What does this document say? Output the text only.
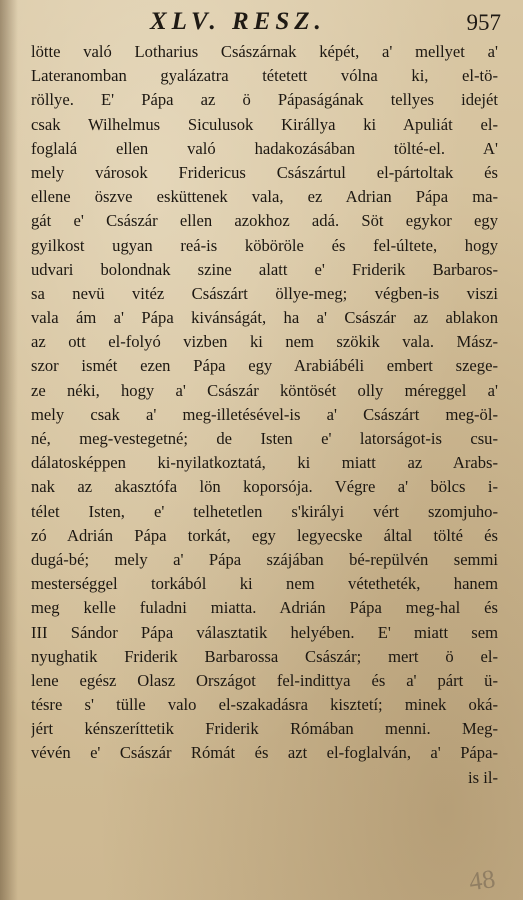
XLV. RESZ.	957
lötte való Lotharius Császárnak képét, a' mellyet a'
Lateranomban gyalázatra tétetett vólna ki, el-tö-
röllye. E' Pápa az ö Pápaságának tellyes idejét
csak Wilhelmus Siculusok Királlya ki Apuliát el-
foglalá ellen való hadakozásában tölté-el. A'
mely városok Fridericus Császártul el-pártoltak és
ellene öszve esküttenek vala, ez Adrian Pápa ma-
gát e' Császár ellen azokhoz adá. Söt egykor egy
gyilkost ugyan reá-is köböröle és fel-últete, hogy
udvari bolondnak szine alatt e' Friderik Barbaros-
sa nevü vitéz Császárt öllye-meg; végben-is viszi
vala ám a' Pápa kivánságát, ha a' Császár az ablakon
az ott el-folyó vizben ki nem szökik vala. Mász-
szor ismét ezen Pápa egy Arabiábéli embert szege-
ze néki, hogy a' Császár köntösét olly méreggel a'
mely csak a' meg-illetésével-is a' Császárt meg-öl-
né, meg-vestegetné; de Isten e' latorságot-is csu-
dálatosképpen ki-nyilatkoztatá, ki miatt az Arabs-
nak az akasztófa lön koporsója. Végre a' bölcs i-
télet Isten, e' telhetetlen s'királyi vért szomjuho-
zó Adrián Pápa torkát, egy legyecske által tölté és
dugá-bé; mely a' Pápa szájában bé-repülvén semmi
mesterséggel torkából ki nem vétetheték, hanem
meg kelle fuladni miatta. Adrián Pápa meg-hal és
III Sándor Pápa választatik helyében. E' miatt sem
nyughatik Friderik Barbarossa Császár; mert ö el-
lene egész Olasz Országot fel-indittya és a' párt ü-
tésre s' tülle valo el-szakadásra kisztetí; minek oká-
jért kénszeríttetik Friderik Rómában menni. Meg-
vévén e' Császár Rómát és azt el-foglalván, a' Pápa-
is il-
48
